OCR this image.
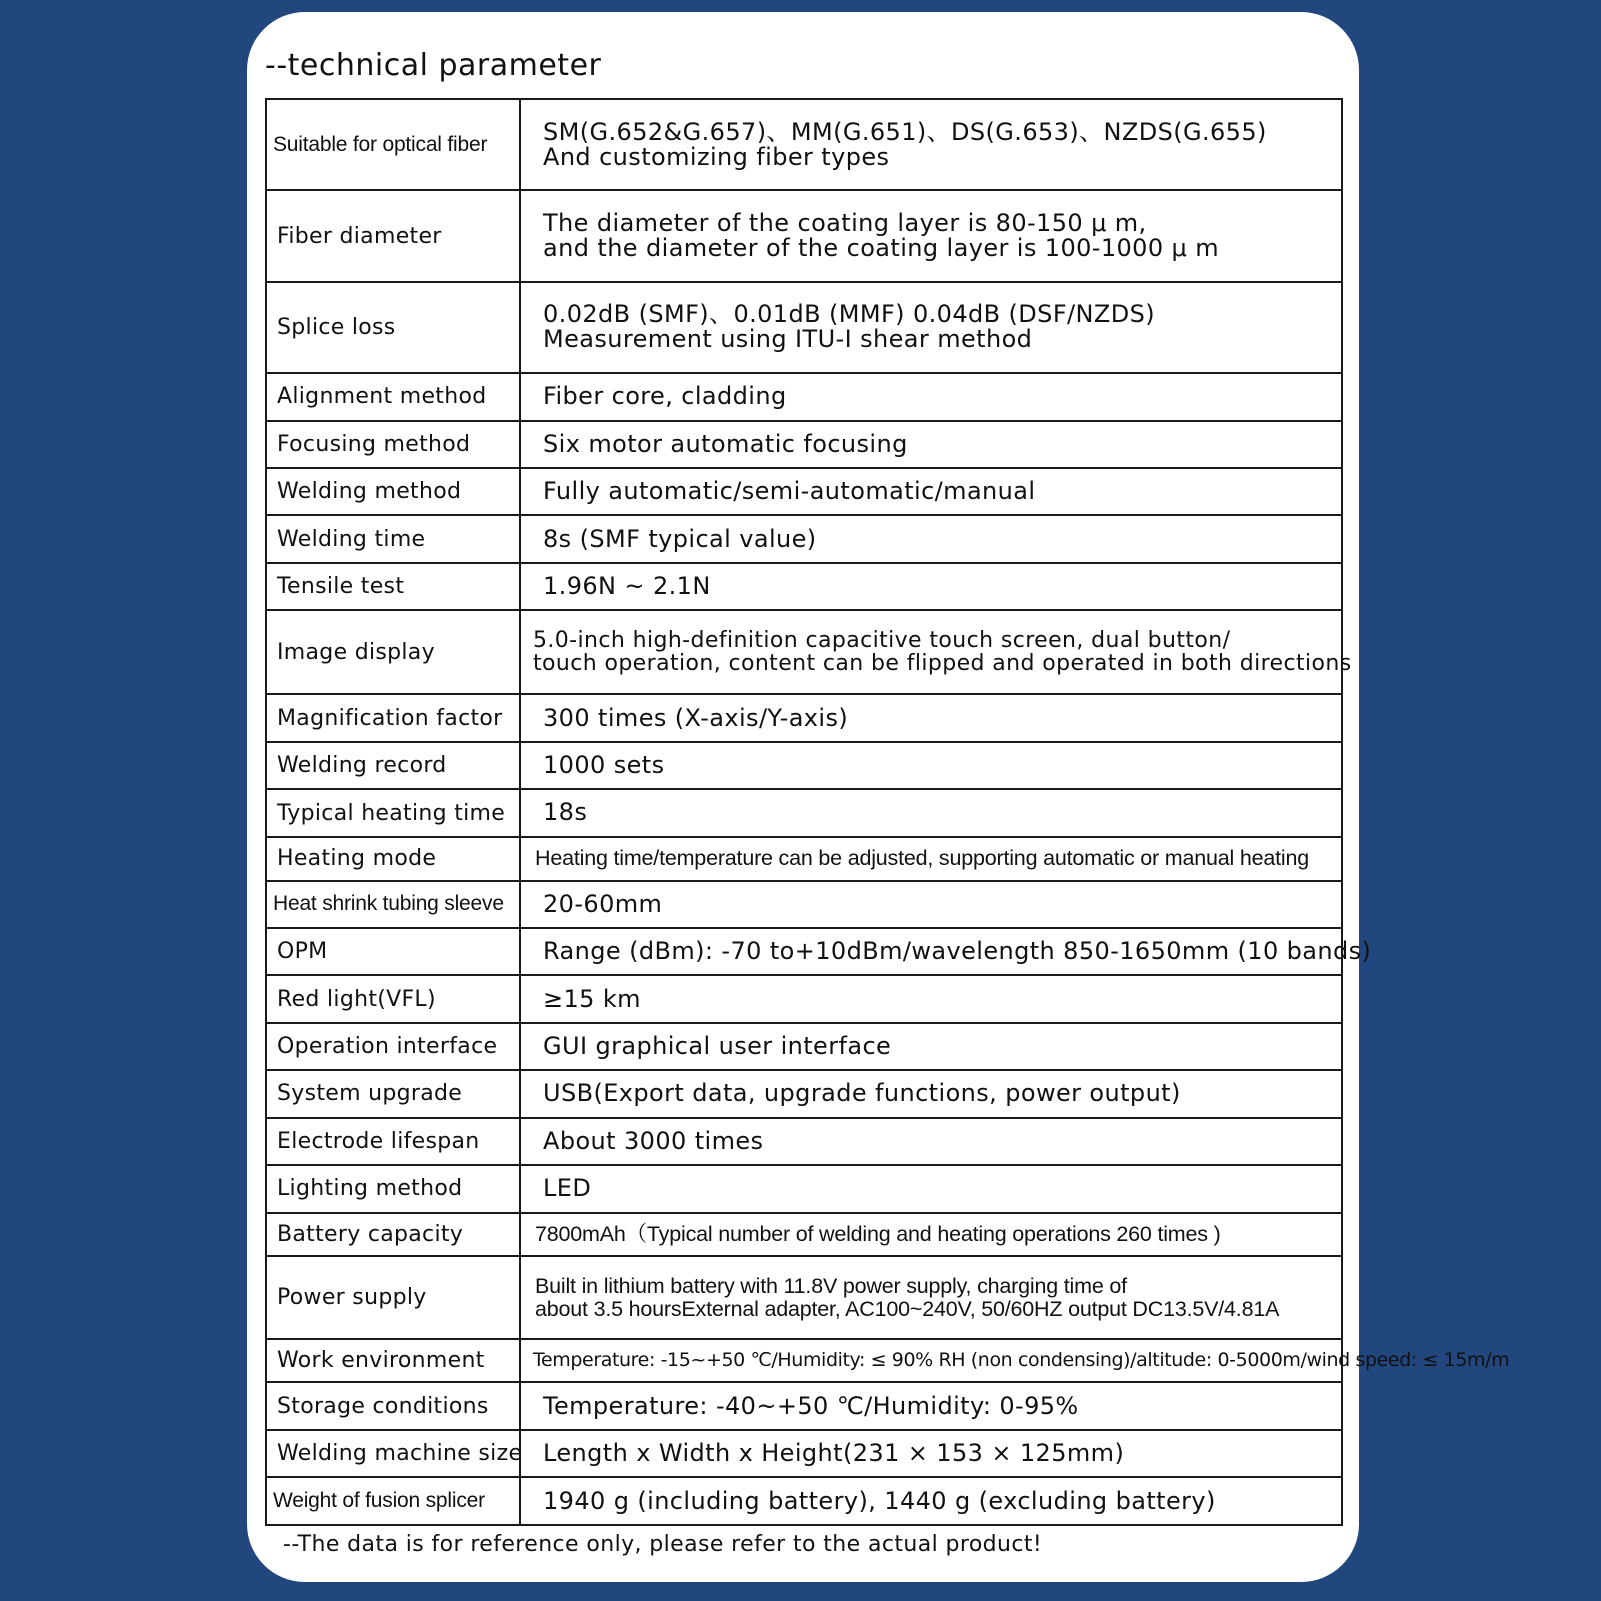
--technical parameter
Suitable for optical fiber	SM(G.652&G.657)、MM(G.651)、DS(G.653)、NZDS(G.655)
And customizing fiber types

Fiber diameter	The diameter of the coating layer is 80-150 μ m,
and the diameter of the coating layer is 100-1000 μ m

Splice loss	0.02dB (SMF)、0.01dB (MMF) 0.04dB (DSF/NZDS)
Measurement using ITU-I shear method

Alignment method	Fiber core, cladding

Focusing method	Six motor automatic focusing

Welding method	Fully automatic/semi-automatic/manual

Welding time	8s (SMF typical value)

Tensile test	1.96N ~ 2.1N

Image display	5.0-inch high-definition capacitive touch screen, dual button/
touch operation, content can be flipped and operated in both directions

Magnification factor	300 times (X-axis/Y-axis)

Welding record	1000 sets

Typical heating time	18s

Heating mode	Heating time/temperature can be adjusted, supporting automatic or manual heating

Heat shrink tubing sleeve	20-60mm

OPM	Range (dBm): -70 to+10dBm/wavelength 850-1650mm (10 bands)

Red light(VFL)	≥15 km

Operation interface	GUI graphical user interface

System upgrade	USB(Export data, upgrade functions, power output)

Electrode lifespan	About 3000 times

Lighting method	LED

Battery capacity	7800mAh（Typical number of welding and heating operations 260 times )

Power supply	Built in lithium battery with 11.8V power supply, charging time of
about 3.5 hoursExternal adapter, AC100~240V, 50/60HZ output DC13.5V/4.81A

Work environment	Temperature: -15~+50 ℃/Humidity: ≤ 90% RH (non condensing)/altitude: 0-5000m/wind speed: ≤ 15m/m

Storage conditions	Temperature: -40~+50 ℃/Humidity: 0-95%

Welding machine size	Length x Width x Height(231 × 153 × 125mm)

Weight of fusion splicer	1940 g (including battery), 1440 g (excluding battery)
--The data is for reference only, please refer to the actual product!
